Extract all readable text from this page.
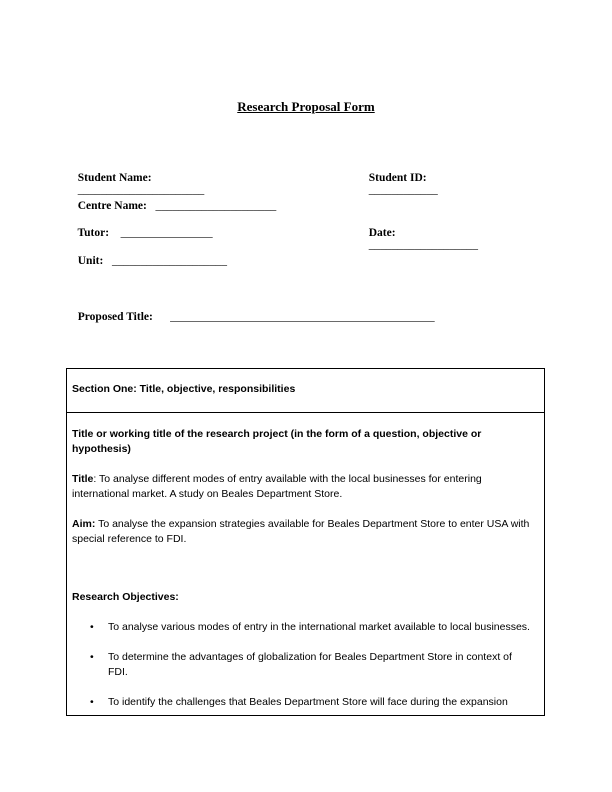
Research Proposal Form

Student Name:
______________________

Student ID:
____________

Centre Name: _____________________

Tutor: ________________	Date:
___________________

Unit: ____________________

Proposed Title: ______________________________________________

Section One: Title, objective, responsibilities

Title or working title of the research project (in the form of a question, objective or hypothesis)

Title: To analyse different modes of entry available with the local businesses for entering international market. A study on Beales Department Store.

Aim: To analyse the expansion strategies available for Beales Department Store to enter USA with special reference to FDI.

Research Objectives:

• To analyse various modes of entry in the international market available to local businesses.
• To determine the advantages of globalization for Beales Department Store in context of FDI.
• To identify the challenges that Beales Department Store will face during the expansion
